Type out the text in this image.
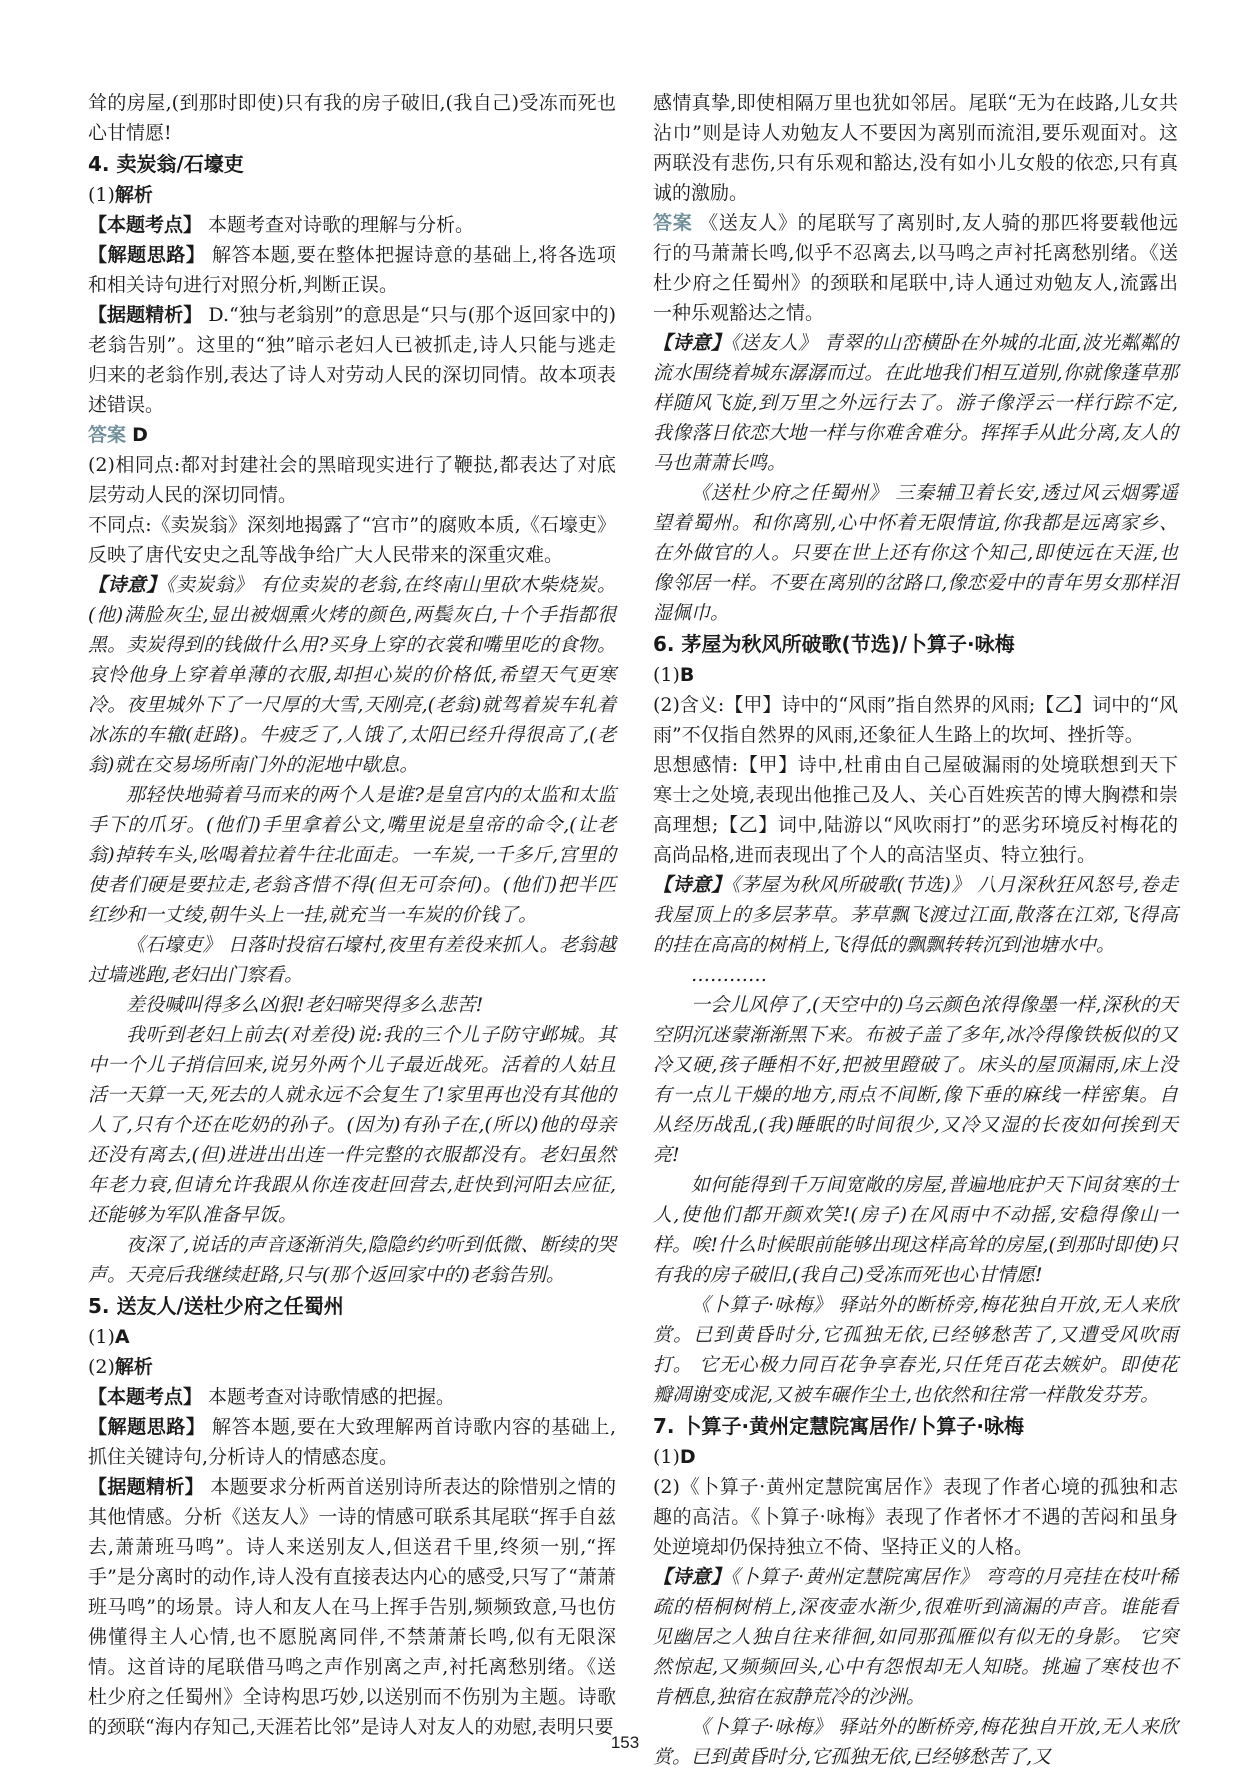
耸的房屋,(到那时即使)只有我的房子破旧,(我自己)受冻而死也心甘情愿!

4. 卖炭翁/石壕吏

(1)解析

【本题考点】 本题考查对诗歌的理解与分析。

【解题思路】 解答本题,要在整体把握诗意的基础上,将各选项和相关诗句进行对照分析,判断正误。

【据题精析】 D.“独与老翁别”的意思是“只与(那个返回家中的)老翁告别”。这里的“独”暗示老妇人已被抓走,诗人只能与逃走归来的老翁作别,表达了诗人对劳动人民的深切同情。故本项表述错误。

答案 D

(2)相同点:都对封建社会的黑暗现实进行了鞭挞,都表达了对底层劳动人民的深切同情。

不同点:《卖炭翁》深刻地揭露了“宫市”的腐败本质,《石壕吏》反映了唐代安史之乱等战争给广大人民带来的深重灾难。

【诗意】《卖炭翁》 有位卖炭的老翁,在终南山里砍木柴烧炭。(他)满脸灰尘,显出被烟熏火烤的颜色,两鬓灰白,十个手指都很黑。卖炭得到的钱做什么用?买身上穿的衣裳和嘴里吃的食物。哀怜他身上穿着单薄的衣服,却担心炭的价格低,希望天气更寒冷。夜里城外下了一尺厚的大雪,天刚亮,(老翁)就驾着炭车轧着冰冻的车辙(赶路)。牛疲乏了,人饿了,太阳已经升得很高了,(老翁)就在交易场所南门外的泥地中歇息。

那轻快地骑着马而来的两个人是谁?是皇宫内的太监和太监手下的爪牙。(他们)手里拿着公文,嘴里说是皇帝的命令,(让老翁)掉转车头,吆喝着拉着牛往北面走。一车炭,一千多斤,宫里的使者们硬是要拉走,老翁吝惜不得(但无可奈何)。(他们)把半匹红纱和一丈绫,朝牛头上一挂,就充当一车炭的价钱了。

《石壕吏》 日落时投宿石壕村,夜里有差役来抓人。老翁越过墙逃跑,老妇出门察看。

差役喊叫得多么凶狠!老妇啼哭得多么悲苦!

我听到老妇上前去(对差役)说:我的三个儿子防守邺城。其中一个儿子捎信回来,说另外两个儿子最近战死。活着的人姑且活一天算一天,死去的人就永远不会复生了!家里再也没有其他的人了,只有个还在吃奶的孙子。(因为)有孙子在,(所以)他的母亲还没有离去,(但)进进出出连一件完整的衣服都没有。老妇虽然年老力衰,但请允许我跟从你连夜赶回营去,赶快到河阳去应征,还能够为军队准备早饭。

夜深了,说话的声音逐渐消失,隐隐约约听到低微、断续的哭声。天亮后我继续赶路,只与(那个返回家中的)老翁告别。

5. 送友人/送杜少府之任蜀州

(1)A

(2)解析

【本题考点】 本题考查对诗歌情感的把握。

【解题思路】 解答本题,要在大致理解两首诗歌内容的基础上,抓住关键诗句,分析诗人的情感态度。

【据题精析】 本题要求分析两首送别诗所表达的除惜别之情的其他情感。分析《送友人》一诗的情感可联系其尾联“挥手自兹去,萧萧班马鸣”。诗人来送别友人,但送君千里,终须一别,“挥手”是分离时的动作,诗人没有直接表达内心的感受,只写了“萧萧班马鸣”的场景。诗人和友人在马上挥手告别,频频致意,马也仿佛懂得主人心情,也不愿脱离同伴,不禁萧萧长鸣,似有无限深情。这首诗的尾联借马鸣之声作别离之声,衬托离愁别绪。《送杜少府之任蜀州》全诗构思巧妙,以送别而不伤别为主题。诗歌的颈联“海内存知己,天涯若比邻”是诗人对友人的劝慰,表明只要

感情真挚,即使相隔万里也犹如邻居。尾联“无为在歧路,儿女共沾巾”则是诗人劝勉友人不要因为离别而流泪,要乐观面对。这两联没有悲伤,只有乐观和豁达,没有如小儿女般的依恋,只有真诚的激励。

答案 《送友人》的尾联写了离别时,友人骑的那匹将要载他远行的马萧萧长鸣,似乎不忍离去,以马鸣之声衬托离愁别绪。《送杜少府之任蜀州》的颈联和尾联中,诗人通过劝勉友人,流露出一种乐观豁达之情。

【诗意】《送友人》 青翠的山峦横卧在外城的北面,波光粼粼的流水围绕着城东潺潺而过。在此地我们相互道别,你就像蓬草那样随风飞旋,到万里之外远行去了。游子像浮云一样行踪不定,我像落日依恋大地一样与你难舍难分。挥挥手从此分离,友人的马也萧萧长鸣。

《送杜少府之任蜀州》 三秦辅卫着长安,透过风云烟雾遥望着蜀州。和你离别,心中怀着无限情谊,你我都是远离家乡、在外做官的人。只要在世上还有你这个知己,即使远在天涯,也像邻居一样。不要在离别的岔路口,像恋爱中的青年男女那样泪湿佩巾。

6. 茅屋为秋风所破歌(节选)/卜算子·咏梅

(1)B

(2)含义:【甲】诗中的“风雨”指自然界的风雨;【乙】词中的“风雨”不仅指自然界的风雨,还象征人生路上的坎坷、挫折等。

思想感情:【甲】诗中,杜甫由自己屋破漏雨的处境联想到天下寒士之处境,表现出他推己及人、关心百姓疾苦的博大胸襟和崇高理想;【乙】词中,陆游以“风吹雨打”的恶劣环境反衬梅花的高尚品格,进而表现出了个人的高洁坚贞、特立独行。

【诗意】《茅屋为秋风所破歌(节选)》 八月深秋狂风怒号,卷走我屋顶上的多层茅草。茅草飘飞渡过江面,散落在江郊,飞得高的挂在高高的树梢上,飞得低的飘飘转转沉到池塘水中。

…………

一会儿风停了,(天空中的)乌云颜色浓得像墨一样,深秋的天空阴沉迷蒙渐渐黑下来。布被子盖了多年,冰冷得像铁板似的又冷又硬,孩子睡相不好,把被里蹬破了。床头的屋顶漏雨,床上没有一点儿干燥的地方,雨点不间断,像下垂的麻线一样密集。自从经历战乱,(我)睡眠的时间很少,又冷又湿的长夜如何挨到天亮!

如何能得到千万间宽敞的房屋,普遍地庇护天下间贫寒的士人,使他们都开颜欢笑!(房子)在风雨中不动摇,安稳得像山一样。唉!什么时候眼前能够出现这样高耸的房屋,(到那时即使)只有我的房子破旧,(我自己)受冻而死也心甘情愿!

《卜算子·咏梅》 驿站外的断桥旁,梅花独自开放,无人来欣赏。已到黄昏时分,它孤独无依,已经够愁苦了,又遭受风吹雨打。 它无心极力同百花争享春光,只任凭百花去嫉妒。即使花瓣凋谢变成泥,又被车碾作尘土,也依然和往常一样散发芬芳。

7. 卜算子·黄州定慧院寓居作/卜算子·咏梅

(1)D

(2)《卜算子·黄州定慧院寓居作》表现了作者心境的孤独和志趣的高洁。《卜算子·咏梅》表现了作者怀才不遇的苦闷和虽身处逆境却仍保持独立不倚、坚持正义的人格。

【诗意】《卜算子·黄州定慧院寓居作》 弯弯的月亮挂在枝叶稀疏的梧桐树梢上,深夜壶水渐少,很难听到滴漏的声音。谁能看见幽居之人独自往来徘徊,如同那孤雁似有似无的身影。 它突然惊起,又频频回头,心中有怨恨却无人知晓。挑遍了寒枝也不肯栖息,独宿在寂静荒冷的沙洲。

《卜算子·咏梅》 驿站外的断桥旁,梅花独自开放,无人来欣赏。已到黄昏时分,它孤独无依,已经够愁苦了,又

153
